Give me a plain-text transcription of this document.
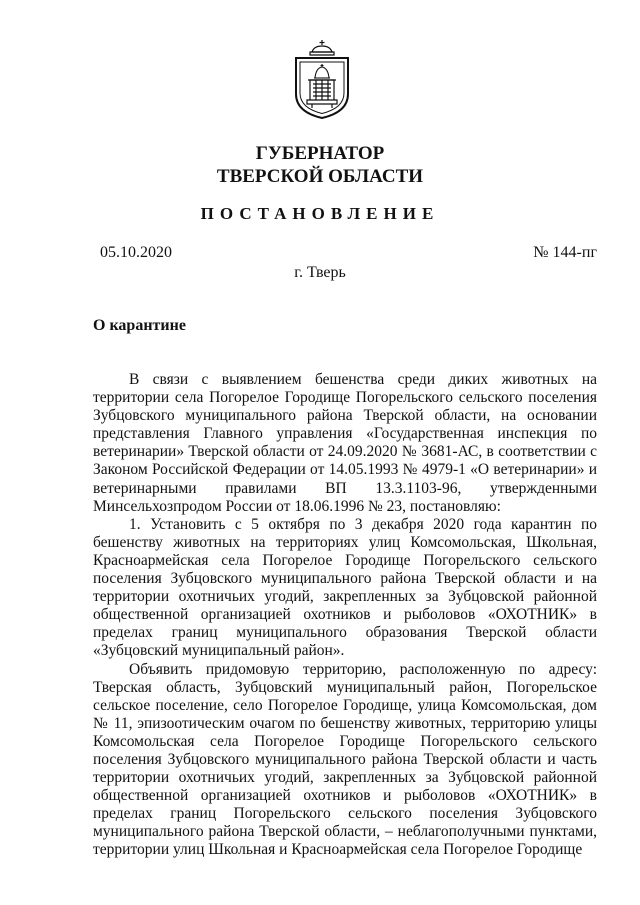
ГУБЕРНАТОР
ТВЕРСКОЙ ОБЛАСТИ
ПОСТАНОВЛЕНИЕ
05.10.2020	№ 144-пг
г. Тверь
О карантине

В связи с выявлением бешенства среди диких животных на территории села Погорелое Городище Погорельского сельского поселения Зубцовского муниципального района Тверской области, на основании представления Главного управления «Государственная инспекция по ветеринарии» Тверской области от 24.09.2020 № 3681-АС, в соответствии с Законом Российской Федерации от 14.05.1993 № 4979-1 «О ветеринарии» и ветеринарными правилами ВП 13.3.1103-96, утвержденными Минсельхозпродом России от 18.06.1996 № 23, постановляю:

1. Установить с 5 октября по 3 декабря 2020 года карантин по бешенству животных на территориях улиц Комсомольская, Школьная, Красноармейская села Погорелое Городище Погорельского сельского поселения Зубцовского муниципального района Тверской области и на территории охотничьих угодий, закрепленных за Зубцовской районной общественной организацией охотников и рыболовов «ОХОТНИК» в пределах границ муниципального образования Тверской области «Зубцовский муниципальный район».

Объявить придомовую территорию, расположенную по адресу: Тверская область, Зубцовский муниципальный район, Погорельское сельское поселение, село Погорелое Городище, улица Комсомольская, дом № 11, эпизоотическим очагом по бешенству животных, территорию улицы Комсомольская села Погорелое Городище Погорельского сельского поселения Зубцовского муниципального района Тверской области и часть территории охотничьих угодий, закрепленных за Зубцовской районной общественной организацией охотников и рыболовов «ОХОТНИК» в пределах границ Погорельского сельского поселения Зубцовского муниципального района Тверской области, – неблагополучными пунктами, территории улиц Школьная и Красноармейская села Погорелое Городище
